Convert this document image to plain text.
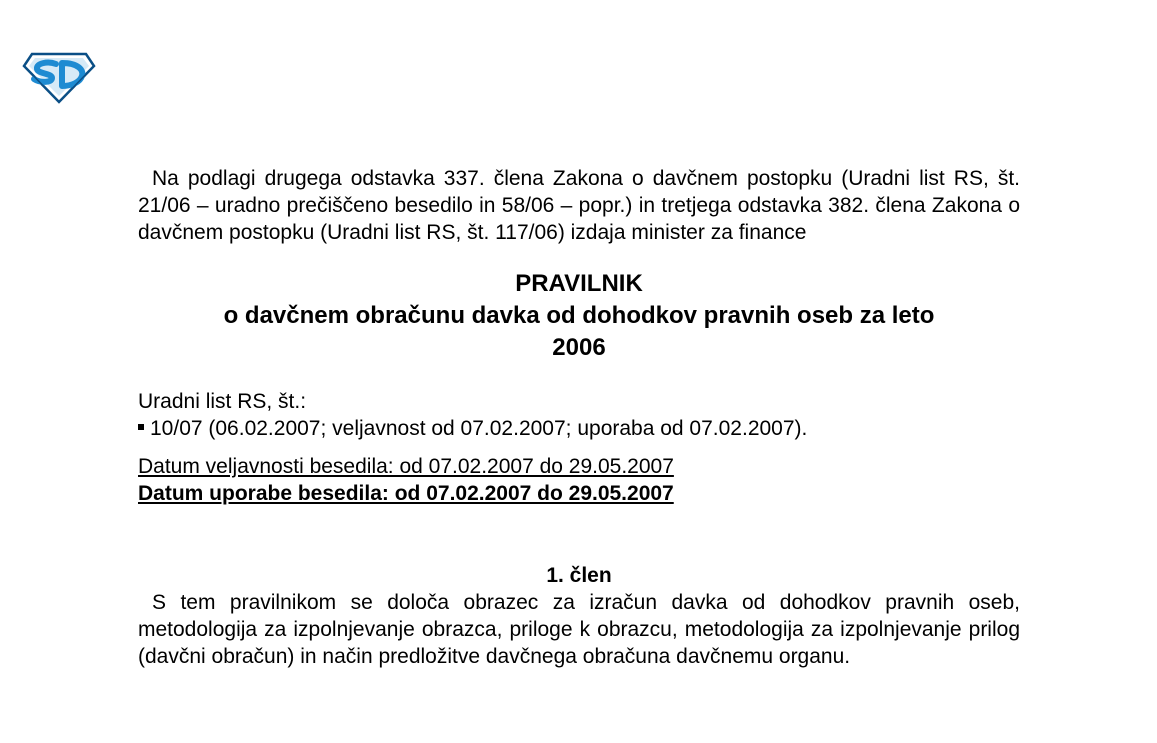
Na podlagi drugega odstavka 337. člena Zakona o davčnem postopku (Uradni list RS, št. 21/06 – uradno prečiščeno besedilo in 58/06 – popr.) in tretjega odstavka 382. člena Zakona o davčnem postopku (Uradni list RS, št. 117/06) izdaja minister za finance

PRAVILNIK
o davčnem obračunu davka od dohodkov pravnih oseb za leto
2006
Uradni list RS, št.:
10/07 (06.02.2007; veljavnost od 07.02.2007; uporaba od 07.02.2007).
Datum veljavnosti besedila: od 07.02.2007 do 29.05.2007
Datum uporabe besedila: od 07.02.2007 do 29.05.2007
1. člen

S tem pravilnikom se določa obrazec za izračun davka od dohodkov pravnih oseb, metodologija za izpolnjevanje obrazca, priloge k obrazcu, metodologija za izpolnjevanje prilog (davčni obračun) in način predložitve davčnega obračuna davčnemu organu.
